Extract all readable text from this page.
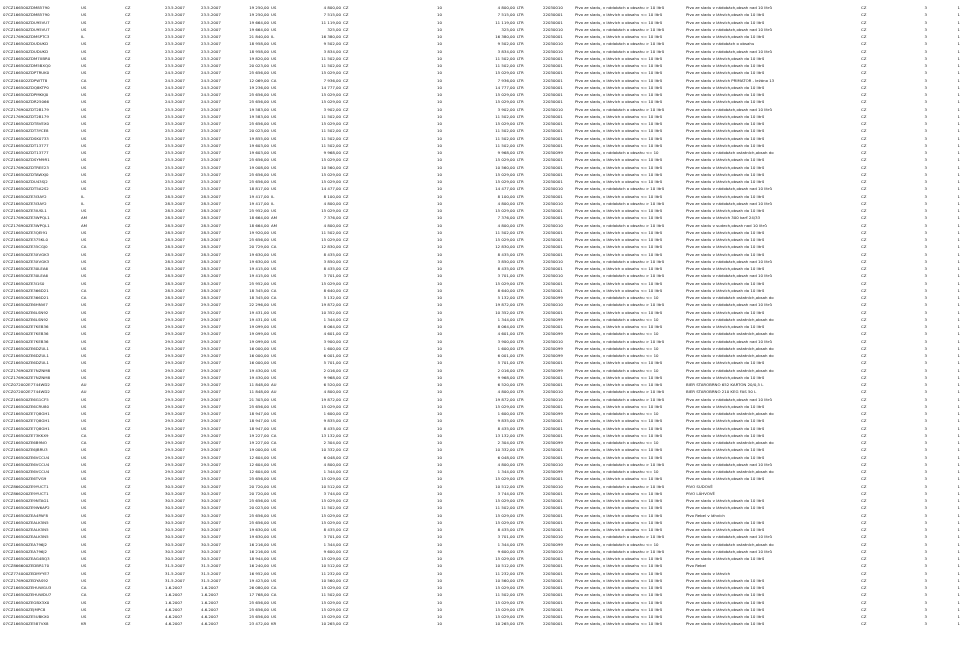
07CZ166500ZDM85790	US	CZ	23.5.2007	23.5.2007	19 250,00 US	4 800,00 CZ	10	4 800,00 LTR	22030010	Pivo ze sladu, v nádobách o obsahu > 10 litrů	Pivo ze sladu v nádobách,obsah nad 10 litrů	CZ	3	1
07CZ166500ZDM85790	US	CZ	23.5.2007	23.5.2007	19 250,00 US	7 515,00 CZ	10	7 515,00 LTR	22030001	Pivo ze sladu, v láhvích o obsahu <= 10 litrů	Pivo ze sladu v láhvích,obsah do 10 litrů	CZ	3	1
07CZ166500ZDU95VU7	US	CZ	23.5.2007	23.5.2007	19 664,00 US	11 119,00 CZ	10	11 119,00 LTR	22030001	Pivo ze sladu, v láhvích o obsahu <= 10 litrů	Pivo ze sladu v láhvích,obsah do 10 litrů	CZ	3	1
07CZ166500ZDU95VU7	US	CZ	23.5.2007	23.5.2007	19 664,00 US	325,00 CZ	10	325,00 LTR	22030010	Pivo ze sladu, v nádobách o obsahu > 10 litrů	Pivo ze sladu v nádobách,obsah nad 10 litrů	CZ	3	1
07CZ176900ZDMSPTC3	IL	CZ	23.5.2007	23.5.2007	21 840,00 IL	16 380,00 CZ	10	16 380,00 LTR	22030001	Pivo ze sladu, v láhvích o obsahu <= 10 litrů	Pivo ze sladu v láhvích,obsah do 10 litrů	CZ	3	1
07CZ166500ZDUDUKD	US	CZ	23.5.2007	23.5.2007	18 958,00 US	9 502,00 CZ	10	9 502,00 LTR	22030010	Pivo ze sladu, v nádobách o obsahu > 10 litrů	Pivo ze sladu v nádobách o obsahu	CZ	3	1
07CZ166500ZDUDUKD	US	CZ	23.5.2007	23.5.2007	18 958,00 US	3 834,00 CZ	10	3 834,00 LTR	22030010	Pivo ze sladu, v nádobách o obsahu > 10 litrů	Pivo ze sladu v nádobách,obsah nad 10 litrů	CZ	3	1
07CZ166500ZDM7XBR0	US	CZ	23.5.2007	23.5.2007	19 820,00 US	11 502,00 CZ	10	11 502,00 LTR	22030001	Pivo ze sladu, v láhvích o obsahu <= 10 litrů	Pivo ze sladu v láhvích,obsah do 10 litrů	CZ	3	1
07CZ166500ZDM5BXQ0	US	CZ	23.5.2007	23.5.2007	20 023,00 US	11 502,00 CZ	10	11 502,00 LTR	22030001	Pivo ze sladu, v láhvích o obsahu <= 10 litrů	Pivo ze sladu v láhvích,obsah do 10 litrů	CZ	3	1
07CZ166500ZDPTRUK0	US	CZ	24.5.2007	24.5.2007	25 656,00 US	15 029,00 CZ	10	15 029,00 LTR	22030001	Pivo ze sladu, v láhvích o obsahu <= 10 litrů	Pivo ze sladu v láhvích,obsah do 10 litrů	CZ	3	1
07CZ264002ZDPWTT8	CA	CZ	24.5.2007	24.5.2007	12 069,00 CA	7 936,00 CZ	10	7 936,00 LTR	22030001	Pivo ze sladu, v láhvích o obsahu <= 10 litrů	Pivo ze sladu v láhvích PRIMATOR - ležáno 13	CZ	3	1
07CZ166500ZDQ8KTP0	US	CZ	24.5.2007	24.5.2007	19 236,00 US	14 777,00 CZ	10	14 777,00 LTR	22030001	Pivo ze sladu, v láhvích o obsahu <= 10 litrů	Pivo ze sladu v láhvích,obsah do 10 litrů	CZ	3	1
07CZ166500ZDPMKKJ0	US	CZ	24.5.2007	24.5.2007	25 656,00 US	15 029,00 CZ	10	15 029,00 LTR	22030001	Pivo ze sladu, v láhvích o obsahu <= 10 litrů	Pivo ze sladu v láhvích,obsah do 10 litrů	CZ	3	1
07CZ166500ZDR25066	US	CZ	24.5.2007	24.5.2007	25 656,00 US	15 029,00 CZ	10	15 029,00 LTR	22030001	Pivo ze sladu, v láhvích o obsahu <= 10 litrů	Pivo ze sladu v láhvích,obsah do 10 litrů	CZ	3	1
07CZ176900ZDT2B179	US	CZ	25.5.2007	25.5.2007	19 583,00 US	3 902,00 CZ	10	3 902,00 LTR	22030010	Pivo ze sladu, v nádobách o obsahu > 10 litrů	Pivo ze sladu v nádobách,obsah nad 10 litrů	CZ	3	1
07CZ176900ZDT2B179	US	CZ	25.5.2007	25.5.2007	19 583,00 US	11 502,00 CZ	10	11 502,00 LTR	22030001	Pivo ze sladu, v láhvích o obsahu <= 10 litrů	Pivo ze sladu v láhvích,obsah do 10 litrů	CZ	3	1
07CZ166500ZDT8VEX0	US	CZ	25.5.2007	25.5.2007	25 656,00 US	15 029,00 CZ	10	15 029,00 LTR	22030001	Pivo ze sladu, v láhvích o obsahu <= 10 litrů	Pivo ze sladu v láhvích,obsah do 10 litrů	CZ	3	1
07CZ166500ZDT3YCE8	US	CZ	25.5.2007	25.5.2007	20 023,00 US	11 502,00 CZ	10	11 502,00 LTR	22030001	Pivo ze sladu, v láhvích o obsahu <= 10 litrů	Pivo ze sladu v láhvích,obsah do 10 litrů	CZ	3	1
07CZ166500ZDSK0733	US	CZ	25.5.2007	25.5.2007	19 855,00 US	11 502,00 CZ	10	11 502,00 LTR	22030001	Pivo ze sladu, v láhvích o obsahu <= 10 litrů	Pivo ze sladu v láhvích,obsah do 10 litrů	CZ	3	1
07CZ166500ZDT13777	US	CZ	25.5.2007	25.5.2007	19 603,00 US	11 502,00 CZ	10	11 502,00 LTR	22030001	Pivo ze sladu, v láhvích o obsahu <= 10 litrů	Pivo ze sladu v láhvích,obsah do 10 litrů	CZ	3	1
07CZ166500ZDT13777	US	CZ	25.5.2007	25.5.2007	19 603,00 US	9 968,00 CZ	10	9 968,00 LTR	22030099	Pivo ze sladu, v nádobách o obsahu <= 10	Pivo ze sladu v nádobách ostatních,obsah do	CZ	3	1
07CZ166500ZDSYM9R1	US	CZ	25.5.2007	25.5.2007	25 656,00 US	15 029,00 CZ	10	15 029,00 LTR	22030001	Pivo ze sladu, v láhvích o obsahu <= 10 litrů	Pivo ze sladu v láhvích,obsah do 10 litrů	CZ	3	1
07CZ176900ZDTREE23	US	CZ	25.5.2007	25.5.2007	19 008,00 US	10 560,00 CZ	10	10 560,00 LTR	22030001	Pivo ze sladu, v láhvích o obsahu <= 10 litrů	Pivo ze sladu v láhvích,obsah do 10 litrů	CZ	3	1
07CZ166500ZDTAWXJ0	US	CZ	25.5.2007	25.5.2007	25 656,00 US	15 029,00 CZ	10	15 029,00 LTR	22030001	Pivo ze sladu, v láhvích o obsahu <= 10 litrů	Pivo ze sladu v láhvích,obsah do 10 litrů	CZ	3	1
07CZ166500ZDU43SJ2	US	CZ	25.5.2007	25.5.2007	25 656,00 US	15 029,00 CZ	10	15 029,00 LTR	22030001	Pivo ze sladu, v láhvích o obsahu <= 10 litrů	Pivo ze sladu v láhvích,obsah do 10 litrů	CZ	3	1
07CZ166500ZDT5A2S2	US	CZ	25.5.2007	25.5.2007	18 817,00 US	14 477,00 CZ	10	14 477,00 LTR	22030010	Pivo ze sladu, v nádobách o obsahu > 10 litrů	Pivo ze sladu v nádobách,obsah nad 10 litrů	CZ	3	1
07CZ166500ZE3I3AY2	IL	CZ	28.5.2007	28.5.2007	19 417,00 IL	8 100,00 CZ	10	8 100,00 LTR	22030001	Pivo ze sladu, v láhvích o obsahu <= 10 litrů	Pivo ze sladu v láhvích,obsah do 10 litrů	CZ	3	1
07CZ166500ZE3I3AY2	IL	CZ	28.5.2007	28.5.2007	19 417,00 IL	4 800,00 CZ	10	4 800,00 LTR	22030010	Pivo ze sladu, v nádobách o obsahu > 10 litrů	Pivo ze sladu v nádobách,obsah nad 10 litrů	CZ	3	1
07CZ166500ZE3IUSL1	US	CZ	28.5.2007	28.5.2007	25 952,00 US	15 029,00 CZ	10	15 029,00 LTR	22030001	Pivo ze sladu, v láhvích o obsahu <= 10 litrů	Pivo ze sladu v láhvích,obsah do 10 litrů	CZ	3	1
07CZ176900ZE3WPQL1	AM	CZ	28.5.2007	28.5.2007	18 664,00 AM	7 376,00 CZ	10	7 376,00 LTR	22030001	Pivo ze sladu, v láhvích o obsahu <= 10 litrů	Pivo ze sladu v láhvích 300 karť 24/33	CZ	3	1
07CZ176900ZE3WPQL1	AM	CZ	28.5.2007	28.5.2007	18 664,00 AM	4 800,00 CZ	10	4 800,00 LTR	22030010	Pivo ze sladu, v nádobách o obsahu > 10 litrů	Pivo ze sladu v sudech,obsah nad 10 litrů	CZ	3	1
07CZ166500ZE3QEI91	US	CZ	28.5.2007	28.5.2007	19 920,00 US	11 502,00 CZ	10	11 502,00 LTR	22030001	Pivo ze sladu, v láhvích o obsahu <= 10 litrů	Pivo ze sladu v láhvích,obsah do 10 litrů	CZ	3	1
07CZ166500ZE375KL0	US	CZ	28.5.2007	28.5.2007	25 656,00 US	15 029,00 CZ	10	15 029,00 LTR	22030001	Pivo ze sladu, v láhvích o obsahu <= 10 litrů	Pivo ze sladu v láhvích,obsah do 10 litrů	CZ	3	1
07CZ166500ZE35CGJ0	CA	CZ	28.5.2007	28.5.2007	20 729,00 CA	12 830,00 CZ	10	12 830,00 LTR	22030001	Pivo ze sladu, v láhvích o obsahu <= 10 litrů	Pivo ze sladu v láhvích,obsah do 10 litrů	CZ	3	1
07CZ166500ZE3XVGK3	US	CZ	28.5.2007	28.5.2007	19 630,00 US	8 435,00 CZ	10	8 435,00 LTR	22030001	Pivo ze sladu, v láhvích o obsahu <= 10 litrů	Pivo ze sladu v láhvích,obsah do 10 litrů	CZ	3	1
07CZ166500ZE3XVGK3	US	CZ	28.5.2007	28.5.2007	19 630,00 US	3 850,00 CZ	10	3 850,00 LTR	22030010	Pivo ze sladu, v nádobách o obsahu > 10 litrů	Pivo ze sladu v nádobách,obsah nad 10 litrů	CZ	3	1
07CZ166500ZE30LEA6	US	CZ	28.5.2007	28.5.2007	19 415,00 US	8 435,00 CZ	10	8 435,00 LTR	22030001	Pivo ze sladu, v láhvích o obsahu <= 10 litrů	Pivo ze sladu v láhvích,obsah do 10 litrů	CZ	3	1
07CZ166500ZE30LEA6	US	CZ	28.5.2007	28.5.2007	19 415,00 US	3 701,00 CZ	10	3 701,00 LTR	22030010	Pivo ze sladu, v nádobách o obsahu > 10 litrů	Pivo ze sladu v nádobách,obsah nad 10 litrů	CZ	3	1
07CZ166500ZE3I1S0	US	CZ	28.5.2007	28.5.2007	25 952,00 US	15 029,00 CZ	10	15 029,00 LTR	22030001	Pivo ze sladu, v láhvích o obsahu <= 10 litrů	Pivo ze sladu v láhvích,obsah do 10 litrů	CZ	3	1
07CZ166500ZE366D21	CA	CZ	28.5.2007	28.5.2007	18 345,00 CA	8 640,00 CZ	10	8 640,00 LTR	22030001	Pivo ze sladu, v láhvích o obsahu <= 10 litrů	Pivo ze sladu v láhvích,obsah do 10 litrů	CZ	3	1
07CZ166500ZE366D21	CA	CZ	28.5.2007	28.5.2007	18 345,00 CA	5 132,00 CZ	10	5 132,00 LTR	22030099	Pivo ze sladu, v nádobách o obsahu <= 10	Pivo ze sladu v nádobách ostatních,obsah do	CZ	3	1
07CZ166500ZE6HNVI7	US	CZ	29.5.2007	29.5.2007	22 296,00 US	19 872,00 CZ	10	19 872,00 LTR	22030010	Pivo ze sladu, v nádobách o obsahu > 10 litrů	Pivo ze sladu v nádobách,obsah nad 10 litrů	CZ	3	1
07CZ166500ZE6LSN92	US	CZ	29.5.2007	29.5.2007	19 431,00 US	10 352,00 CZ	10	10 352,00 LTR	22030001	Pivo ze sladu, v láhvích o obsahu <= 10 litrů	Pivo ze sladu v láhvích,obsah do 10 litrů	CZ	3	1
07CZ166500ZE6LSN92	US	CZ	29.5.2007	29.5.2007	19 431,00 US	1 344,00 CZ	10	1 344,00 LTR	22030099	Pivo ze sladu, v nádobách o obsahu <= 10	Pivo ze sladu v nádobách ostatních,obsah do	CZ	3	1
07CZ166500ZE7KEB36	US	CZ	29.5.2007	29.5.2007	19 099,00 US	8 064,00 CZ	10	8 064,00 LTR	22030001	Pivo ze sladu, v láhvích o obsahu <= 10 litrů	Pivo ze sladu v láhvích,obsah do 10 litrů	CZ	3	1
07CZ166500ZE7KEB36	US	CZ	29.5.2007	29.5.2007	19 099,00 US	4 601,00 CZ	10	4 601,00 LTR	22030099	Pivo ze sladu, v nádobách o obsahu <= 10	Pivo ze sladu v nádobách ostatních,obsah do	CZ	3	1
07CZ166500ZE7KEB36	US	CZ	29.5.2007	29.5.2007	19 099,00 US	3 900,00 CZ	10	3 900,00 LTR	22030010	Pivo ze sladu, v nádobách o obsahu > 10 litrů	Pivo ze sladu v nádobách,obsah nad 10 litrů	CZ	3	1
07CZ166500ZE6DZUL1	US	CZ	29.5.2007	29.5.2007	16 000,00 US	1 600,00 CZ	10	1 600,00 LTR	22030099	Pivo ze sladu, v nádobách o obsahu <= 10	Pivo ze sladu v nádobách ostatních,obsah do	CZ	3	1
07CZ166500ZE6DZUL1	US	CZ	29.5.2007	29.5.2007	16 000,00 US	6 001,00 CZ	10	6 001,00 LTR	22030099	Pivo ze sladu, v nádobách o obsahu <= 10	Pivo ze sladu v nádobách ostatních,obsah do	CZ	3	1
07CZ166500ZE6DZUL1	US	CZ	29.5.2007	29.5.2007	16 000,00 US	5 701,00 CZ	10	5 701,00 LTR	22030001	Pivo ze sladu, v láhvích o obsahu <= 10 litrů	Pivo ze sladu v láhvích,obsah do 10 litrů	CZ	3	1
07CZ176900ZE7NZNM8	US	CZ	29.5.2007	29.5.2007	19 430,00 US	2 016,00 CZ	10	2 016,00 LTR	22030099	Pivo ze sladu, v nádobách o obsahu <= 10	Pivo ze sladu v nádobách ostatních,obsah do	CZ	3	1
07CZ176900ZE7NZNM8	US	CZ	29.5.2007	29.5.2007	19 430,00 US	9 968,00 CZ	10	9 968,00 LTR	22030001	Pivo ze sladu, v láhvích o obsahu <= 10 litrů	Pivo ze sladu v láhvích,obsah do 10 litrů	CZ	3	1
07CZ072002E7744WD2	AU	CZ	29.5.2007	29.5.2007	11 848,00 AU	6 520,00 CZ	10	6 520,00 LTR	22030001	Pivo ze sladu, v láhvích o obsahu <= 10 litrů	BIER STAROBRNO 652 KARTON 20/0,5 L	CZ	3	1
07CZ072002E7744WD2	AU	CZ	29.5.2007	29.5.2007	11 848,00 AU	4 800,00 CZ	10	4 800,00 LTR	22030010	Pivo ze sladu, v nádobách o obsahu > 10 litrů	BIER STAROBRNO 210 KEG FAS 50 L	CZ	3	1
07CZ166500ZE6G1CF5	US	CZ	29.5.2007	29.5.2007	21 303,00 US	19 872,00 CZ	10	19 872,00 LTR	22030010	Pivo ze sladu, v nádobách o obsahu > 10 litrů	Pivo ze sladu v nádobách,obsah nad 10 litrů	CZ	3	1
07CZ166500ZE6CRU80	US	CZ	29.5.2007	29.5.2007	25 656,00 US	15 029,00 CZ	10	15 029,00 LTR	22030001	Pivo ze sladu, v láhvích o obsahu <= 10 litrů	Pivo ze sladu v láhvích,obsah do 10 litrů	CZ	3	1
07CZ166500ZE7Q8GH1	US	CZ	29.5.2007	29.5.2007	18 947,00 US	1 600,00 CZ	10	1 600,00 LTR	22030099	Pivo ze sladu, v nádobách o obsahu <= 10	Pivo ze sladu v nádobách ostatních,obsah do	CZ	3	1
07CZ166500ZE7Q8GH1	US	CZ	29.5.2007	29.5.2007	18 947,00 US	9 835,00 CZ	10	9 835,00 LTR	22030001	Pivo ze sladu, v láhvích o obsahu <= 10 litrů	Pivo ze sladu v láhvích,obsah do 10 litrů	CZ	3	1
07CZ166500ZE7Q8GH1	US	CZ	29.5.2007	29.5.2007	18 947,00 US	8 435,00 CZ	10	8 435,00 LTR	22030001	Pivo ze sladu, v láhvích o obsahu <= 10 litrů	Pivo ze sladu v láhvích,obsah do 10 litrů	CZ	3	1
07CZ166500ZE73KKX9	CA	CZ	29.5.2007	29.5.2007	19 227,00 CA	13 132,00 CZ	10	13 132,00 LTR	22030001	Pivo ze sladu, v láhvích o obsahu <= 10 litrů	Pivo ze sladu v láhvích,obsah do 10 litrů	CZ	3	1
07CZ166500ZE6B9NO	CA	CZ	29.5.2007	29.5.2007	19 227,00 CA	2 304,00 CZ	10	2 304,00 LTR	22030099	Pivo ze sladu, v nádobách o obsahu <= 10	Pivo ze sladu v nádobách ostatních,obsah do	CZ	3	1
07CZ166500ZE6JBRU3	US	CZ	29.5.2007	29.5.2007	19 000,00 US	10 332,00 CZ	10	10 332,00 LTR	22030001	Pivo ze sladu, v láhvích o obsahu <= 10 litrů	Pivo ze sladu v láhvích,obsah do 10 litrů	CZ	3	1
07CZ166500ZE6VCCU4	US	CZ	29.5.2007	29.5.2007	12 604,00 US	6 048,00 CZ	10	6 048,00 LTR	22030001	Pivo ze sladu, v láhvích o obsahu <= 10 litrů	Pivo ze sladu v láhvích,obsah do 10 litrů	CZ	3	1
07CZ166500ZE6VCCU4	US	CZ	29.5.2007	29.5.2007	12 604,00 US	4 800,00 CZ	10	4 800,00 LTR	22030010	Pivo ze sladu, v nádobách o obsahu > 10 litrů	Pivo ze sladu v nádobách,obsah nad 10 litrů	CZ	3	1
07CZ166500ZE6VCCU4	US	CZ	29.5.2007	29.5.2007	12 604,00 US	1 344,00 CZ	10	1 344,00 LTR	22030099	Pivo ze sladu, v nádobách o obsahu <= 10	Pivo ze sladu v nádobách ostatních,obsah do	CZ	3	1
07CZ166500ZE6TVG9	US	CZ	29.5.2007	29.5.2007	25 656,00 US	15 029,00 CZ	10	15 029,00 LTR	22030001	Pivo ze sladu, v láhvích o obsahu <= 10 litrů	Pivo ze sladu v láhvích,obsah do 10 litrů	CZ	3	1
07CZ866200ZE9YUCT1	US	CZ	30.5.2007	30.5.2007	20 720,00 US	10 512,00 CZ	10	10 512,00 LTR	22030010	Pivo ze sladu, v nádobách o obsahu > 10 litrů	PIVO SUDOVÉ	CZ	3	1
07CZ866200ZE9YUCT1	US	CZ	30.5.2007	30.5.2007	20 720,00 US	3 744,00 CZ	10	3 744,00 LTR	22030001	Pivo ze sladu, v láhvích o obsahu <= 10 litrů	PIVO LÁHVOVÉ	CZ	3	1
07CZ166500ZE9NTAG1	US	CZ	30.5.2007	30.5.2007	25 656,00 US	15 029,00 CZ	10	15 029,00 LTR	22030001	Pivo ze sladu, v láhvích o obsahu <= 10 litrů	Pivo ze sladu v láhvích,obsah do 10 litrů	CZ	3	1
07CZ166500ZE9W6AP2	US	CZ	30.5.2007	30.5.2007	20 023,00 US	11 502,00 CZ	10	11 502,00 LTR	22030001	Pivo ze sladu, v láhvích o obsahu <= 10 litrů	Pivo ze sladu v láhvích,obsah do 10 litrů	CZ	3	1
07CZ166500ZEA4PAF8	US	CZ	30.5.2007	30.5.2007	25 656,00 US	15 029,00 CZ	10	15 029,00 LTR	22030001	Pivo ze sladu, v láhvích o obsahu <= 10 litrů	Pivo Rebel v láhvích	CZ	3	1
07CZ166500ZEALK5N5	US	CZ	30.5.2007	30.5.2007	25 656,00 US	15 029,00 CZ	10	15 029,00 LTR	22030001	Pivo ze sladu, v láhvích o obsahu <= 10 litrů	Pivo ze sladu v láhvích,obsah do 10 litrů	CZ	3	1
07CZ166500ZEALK5N5	US	CZ	30.5.2007	30.5.2007	19 630,00 US	8 435,00 CZ	10	8 435,00 LTR	22030001	Pivo ze sladu, v láhvích o obsahu <= 10 litrů	Pivo ze sladu v láhvích,obsah do 10 litrů	CZ	3	1
07CZ166500ZEALK5N5	US	CZ	30.5.2007	30.5.2007	19 630,00 US	3 701,00 CZ	10	3 701,00 LTR	22030010	Pivo ze sladu, v nádobách o obsahu > 10 litrů	Pivo ze sladu v nádobách,obsah nad 10 litrů	CZ	3	1
07CZ166500ZEA796J2	US	CZ	30.5.2007	30.5.2007	16 216,00 US	1 344,00 CZ	10	1 344,00 LTR	22030099	Pivo ze sladu, v nádobách o obsahu <= 10	Pivo ze sladu v nádobách ostatních,obsah do	CZ	3	1
07CZ166500ZEA796J2	US	CZ	30.5.2007	30.5.2007	16 216,00 US	9 600,00 CZ	10	9 600,00 LTR	22030010	Pivo ze sladu, v nádobách o obsahu > 10 litrů	Pivo ze sladu v nádobách,obsah nad 10 litrů	CZ	3	1
07CZ166500ZEAG4BQ3	US	CZ	30.5.2007	30.5.2007	18 944,00 US	15 029,00 CZ	10	15 029,00 LTR	22030001	Pivo ze sladu, v láhvích o obsahu <= 10 litrů	Pivo ze sladu v láhvích,obsah do 10 litrů	CZ	3	1
07CZ866600ZEDBR170	US	CZ	31.5.2007	31.5.2007	16 240,00 US	10 512,00 CZ	10	10 512,00 LTR	22030001	Pivo ze sladu, v láhvích o obsahu <= 10 litrů	Pivo Rebel	CZ	3	1
07CZ774000ZEDMYYE7	US	CZ	31.5.2007	31.5.2007	16 952,00 US	11 232,00 CZ	10	11 232,00 LTR	22030001	Pivo ze sladu, v láhvích o obsahu <= 10 litrů	Pivo ze sladu v láhvích	CZ	3	1
07CZ176900ZEDYAS92	US	CZ	31.5.2007	31.5.2007	19 423,00 US	10 560,00 CZ	10	10 560,00 LTR	22030001	Pivo ze sladu, v láhvích o obsahu <= 10 litrů	Pivo ze sladu v láhvích,obsah do 10 litrů	CZ	3	1
07CZ166500ZEHUWGU3	CA	CZ	1.6.2007	1.6.2007	26 080,00 CA	15 029,00 CZ	10	15 029,00 LTR	22030001	Pivo ze sladu, v láhvích o obsahu <= 10 litrů	Pivo ze sladu v láhvích,obsah do 10 litrů	CZ	3	1
07CZ166500ZEHUWDU7	CA	CZ	1.6.2007	1.6.2007	17 768,00 CA	11 502,00 CZ	10	11 502,00 LTR	22030001	Pivo ze sladu, v láhvích o obsahu <= 10 litrů	Pivo ze sladu v láhvích,obsah do 10 litrů	CZ	3	1
07CZ166500ZEGBX3X0	US	CZ	1.6.2007	1.6.2007	25 656,00 US	15 029,00 CZ	10	15 029,00 LTR	22030001	Pivo ze sladu, v láhvích o obsahu <= 10 litrů	Pivo ze sladu v láhvích,obsah do 10 litrů	CZ	3	1
07CZ166500ZEJMPC8	US	CZ	4.6.2007	4.6.2007	25 656,00 US	15 029,00 CZ	10	15 029,00 LTR	22030001	Pivo ze sladu, v láhvích o obsahu <= 10 litrů	Pivo ze sladu v láhvích,obsah do 10 litrů	CZ	3	1
07CZ166500ZE5UBKX0	US	CZ	4.6.2007	4.6.2007	25 656,00 US	15 029,00 CZ	10	15 029,00 LTR	22030001	Pivo ze sladu, v láhvích o obsahu <= 10 litrů	Pivo ze sladu v láhvích,obsah do 10 litrů	CZ	3	1
07CZ166500ZE587VX8	KR	CZ	4.6.2007	4.6.2007	23 472,00 KR	10 265,00 CZ	10	10 265,00 LTR	22030001	Pivo ze sladu, v láhvích o obsahu <= 10 litrů	Pivo ze sladu v láhvích,obsah do 10 litrů	CZ	3	1
